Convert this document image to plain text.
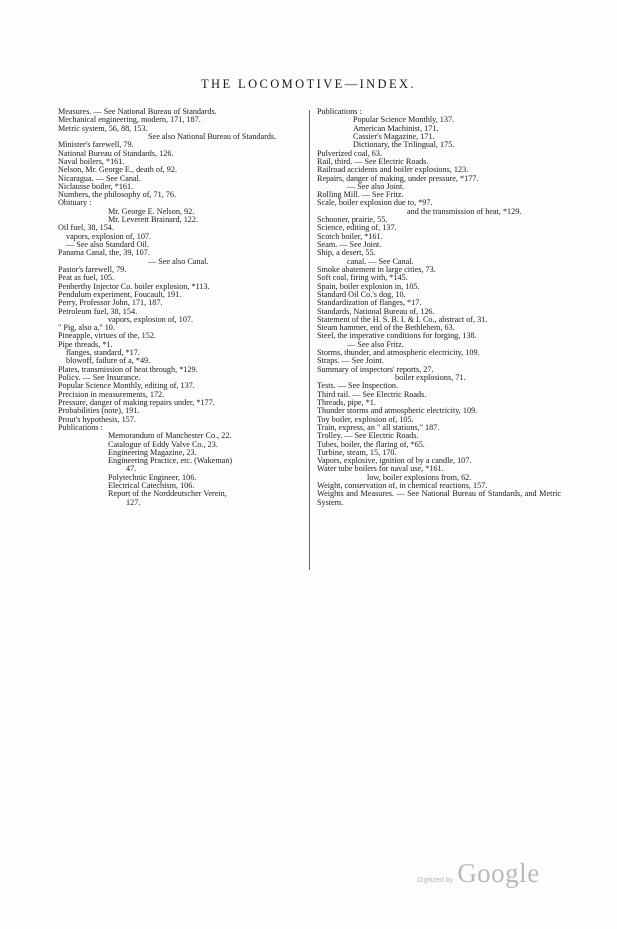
THE LOCOMOTIVE—INDEX.
Measures. — See National Bureau of Standards.
Mechanical engineering, modern, 171, 187.
Metric system, 56, 88, 153.
See also National Bureau of Standards.
Minister's farewell, 79.
National Bureau of Standards, 126.
Naval boilers, *161.
Nelson, Mr. George E., death of, 92.
Nicaragua. — See Canal.
Niclausse boiler, *161.
Numbers, the philosophy of, 71, 76.
Obituary :
Mr. George E. Nelson, 92.
Mr. Leverett Brainard, 122.
Oil fuel, 38, 154.
vapors, explosion of, 107.
— See also Standard Oil.
Panama Canal, the, 39, 107.
— See also Canal.
Pastor's farewell, 79.
Peat as fuel, 105.
Penberthy Injector Co. boiler explosion, *113.
Pendulum experiment, Foucault, 191.
Perry, Professor John, 171, 187.
Petroleum fuel, 38, 154.
vapors, explosion of, 107.
" Pig, also a," 10.
Pineapple, virtues of the, 152.
Pipe threads, *1.
flanges, standard, *17.
blowoff, failure of a, *49.
Plates, transmission of heat through, *129.
Policy. — See Insurance.
Popular Science Monthly, editing of, 137.
Precision in measurements, 172.
Pressure, danger of making repairs under, *177.
Probabilities (note), 191.
Prout's hypothesis, 157.
Publications :
Memorandum of Manchester Co., 22.
Catalogue of Eddy Valve Co., 23.
Engineering Magazine, 23.
Engineering Practice, etc. (Wakeman)
47.
Polytechnic Engineer, 106.
Electrical Catechism, 106.
Report of the Norddeutscher Verein,
127.
Publications :
Popular Science Monthly, 137.
American Machinist, 171.
Cassier's Magazine, 171.
Dictionary, the Trilingual, 175.
Pulverized coal, 63.
Rail, third. — See Electric Roads.
Railroad accidents and boiler explosions, 123.
Repairs, danger of making, under pressure, *177.
— See also Joint.
Rolling Mill. — See Fritz.
Scale, boiler explosion due to, *97.
and the transmission of heat, *129.
Schooner, prairie, 55.
Science, editing of, 137.
Scotch boiler, *161.
Seam. — See Joint.
Ship, a desert, 55.
canal. — See Canal.
Smoke abatement in large cities, 73.
Soft coal, firing with, *145.
Spain, boiler explosion in, 105.
Standard Oil Co.'s dog, 10.
Standardization of flanges, *17.
Standards, National Bureau of, 126.
Statement of the H. S. B. I. & I. Co., abstract of, 31.
Steam hammer, end of the Bethlehem, 63.
Steel, the imperative conditions for forging, 138.
— See also Fritz.
Storms, thunder, and atmospheric electricity, 109.
Straps. — See Joint.
Summary of inspectors' reports, 27.
boiler explosions, 71.
Tests. — See Inspection.
Third rail. — See Electric Roads.
Threads, pipe, *1.
Thunder storms and atmospheric electricity, 109.
Toy boiler, explosion of, 105.
Train, express, an " all stations," 187.
Trolley. — See Electric Roads.
Tubes, boiler, the flaring of, *65.
Turbine, steam, 15, 170.
Vapors, explosive, ignition of by a candle, 107.
Water tube boilers for naval use, *161.
low, boiler explosions from, 62.
Weight, conservation of, in chemical reactions, 157.
Weights and Measures. — See National Bureau of Standards, and Metric System.
Digitized by Google
